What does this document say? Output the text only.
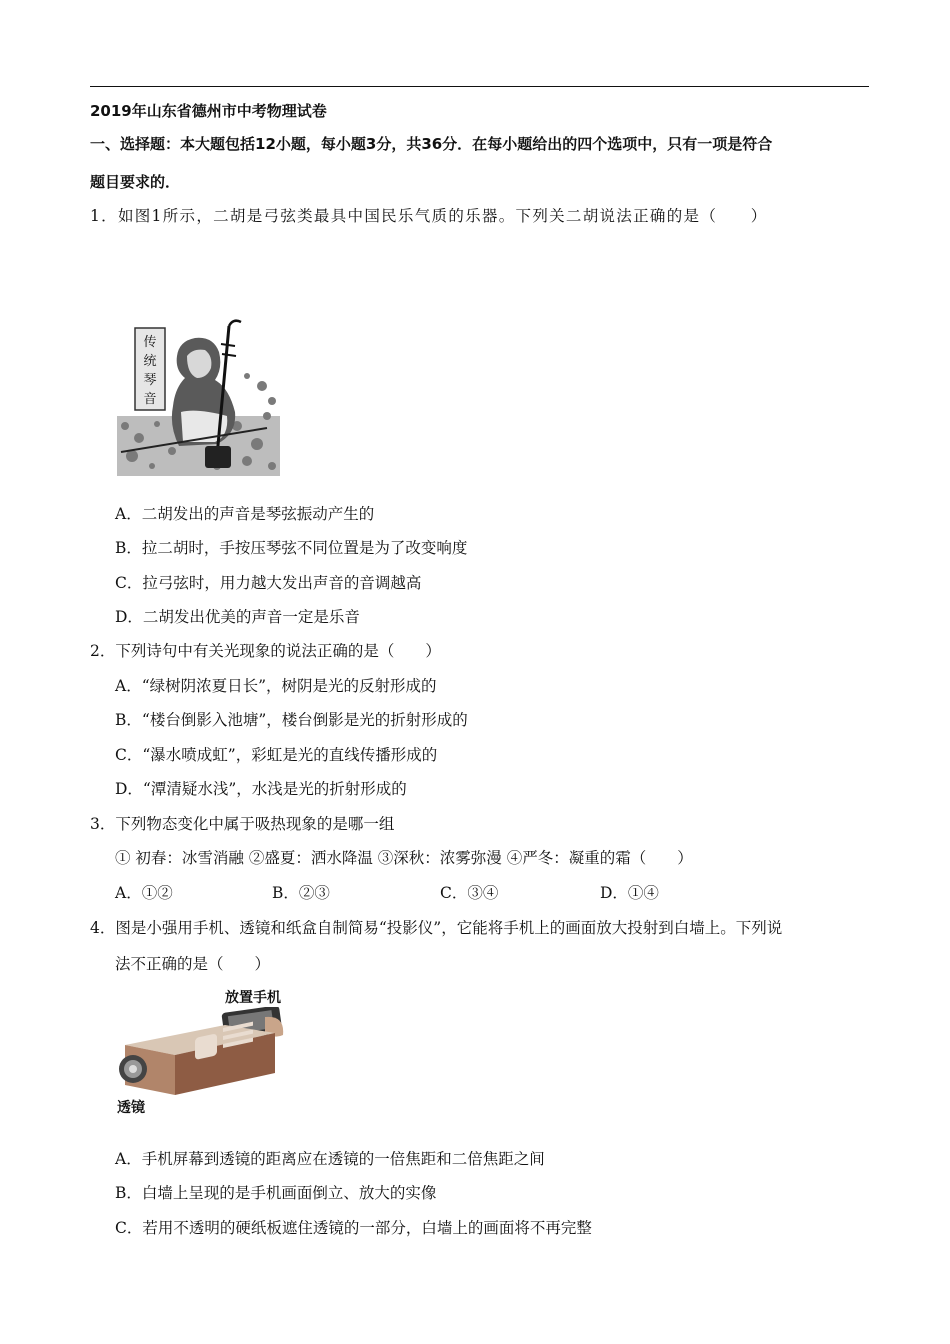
2019年山东省德州市中考物理试卷
一、选择题：本大题包括12小题，每小题3分，共36分．在每小题给出的四个选项中，只有一项是符合
题目要求的．
1．如图1所示，二胡是弓弦类最具中国民乐气质的乐器。下列关二胡说法正确的是（　　）
传
统
琴
音
A．二胡发出的声音是琴弦振动产生的
B．拉二胡时，手按压琴弦不同位置是为了改变响度
C．拉弓弦时，用力越大发出声音的音调越高
D．二胡发出优美的声音一定是乐音
2．下列诗句中有关光现象的说法正确的是（　　）
A．“绿树阴浓夏日长”，树阴是光的反射形成的
B．“楼台倒影入池塘”，楼台倒影是光的折射形成的
C．“瀑水喷成虹”，彩虹是光的直线传播形成的
D．“潭清疑水浅”，水浅是光的折射形成的
3．下列物态变化中属于吸热现象的是哪一组
① 初春：冰雪消融 ②盛夏：洒水降温 ③深秋：浓雾弥漫 ④严冬：凝重的霜（　　）
A．①②	B．②③	C．③④	D．①④
4．图是小强用手机、透镜和纸盒自制简易“投影仪”，它能将手机上的画面放大投射到白墙上。下列说
法不正确的是（　　）
放置手机
透镜
A．手机屏幕到透镜的距离应在透镜的一倍焦距和二倍焦距之间
B．白墙上呈现的是手机画面倒立、放大的实像
C．若用不透明的硬纸板遮住透镜的一部分，白墙上的画面将不再完整
